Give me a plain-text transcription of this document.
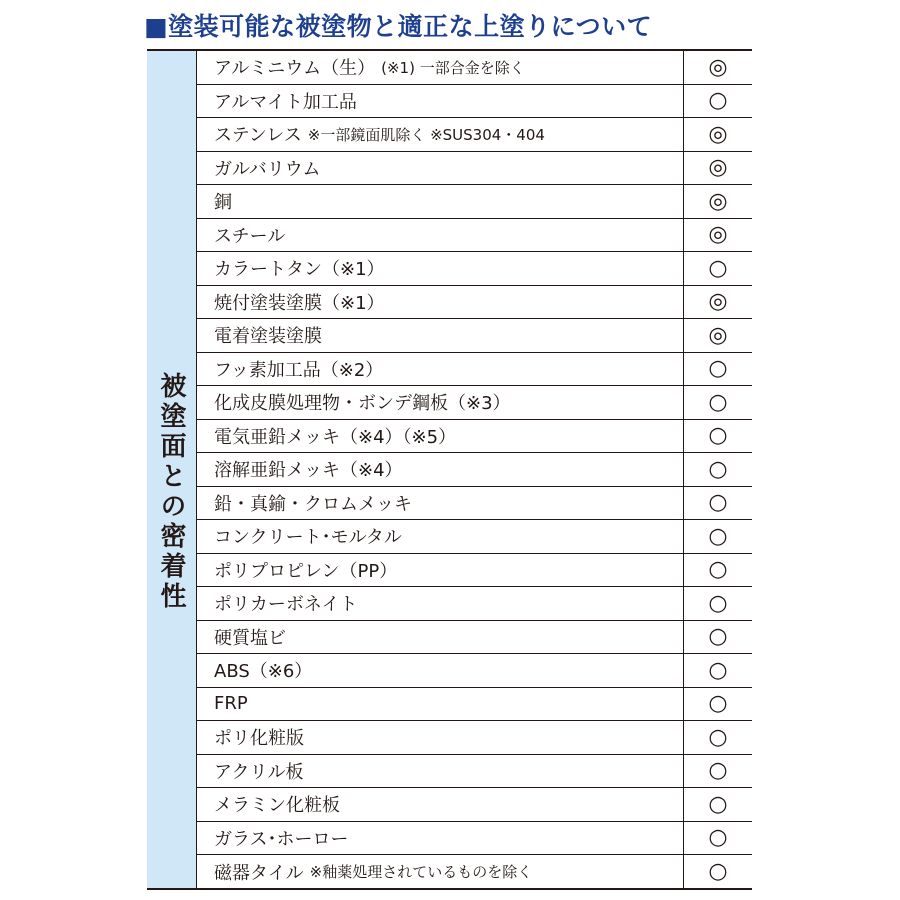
■塗装可能な被塗物と適正な上塗りについて
被塗面との密着性
アルミニウム（生） (※1) 一部合金を除く	◎
アルマイト加工品	○
ステンレス ※一部鏡面肌除く ※SUS304・404	◎
ガルバリウム	◎
銅	◎
スチール	◎
カラートタン（※1）	○
焼付塗装塗膜（※1）	◎
電着塗装塗膜	◎
フッ素加工品（※2）	○
化成皮膜処理物・ボンデ鋼板（※3）	○
電気亜鉛メッキ（※4）（※5）	○
溶解亜鉛メッキ（※4）	○
鉛・真鍮・クロムメッキ	○
コンクリート･モルタル	○
ポリプロピレン（PP）	○
ポリカーボネイト	○
硬質塩ビ	○
ABS（※6）	○
FRP	○
ポリ化粧版	○
アクリル板	○
メラミン化粧板	○
ガラス･ホーロー	○
磁器タイル ※釉薬処理されているものを除く	○
